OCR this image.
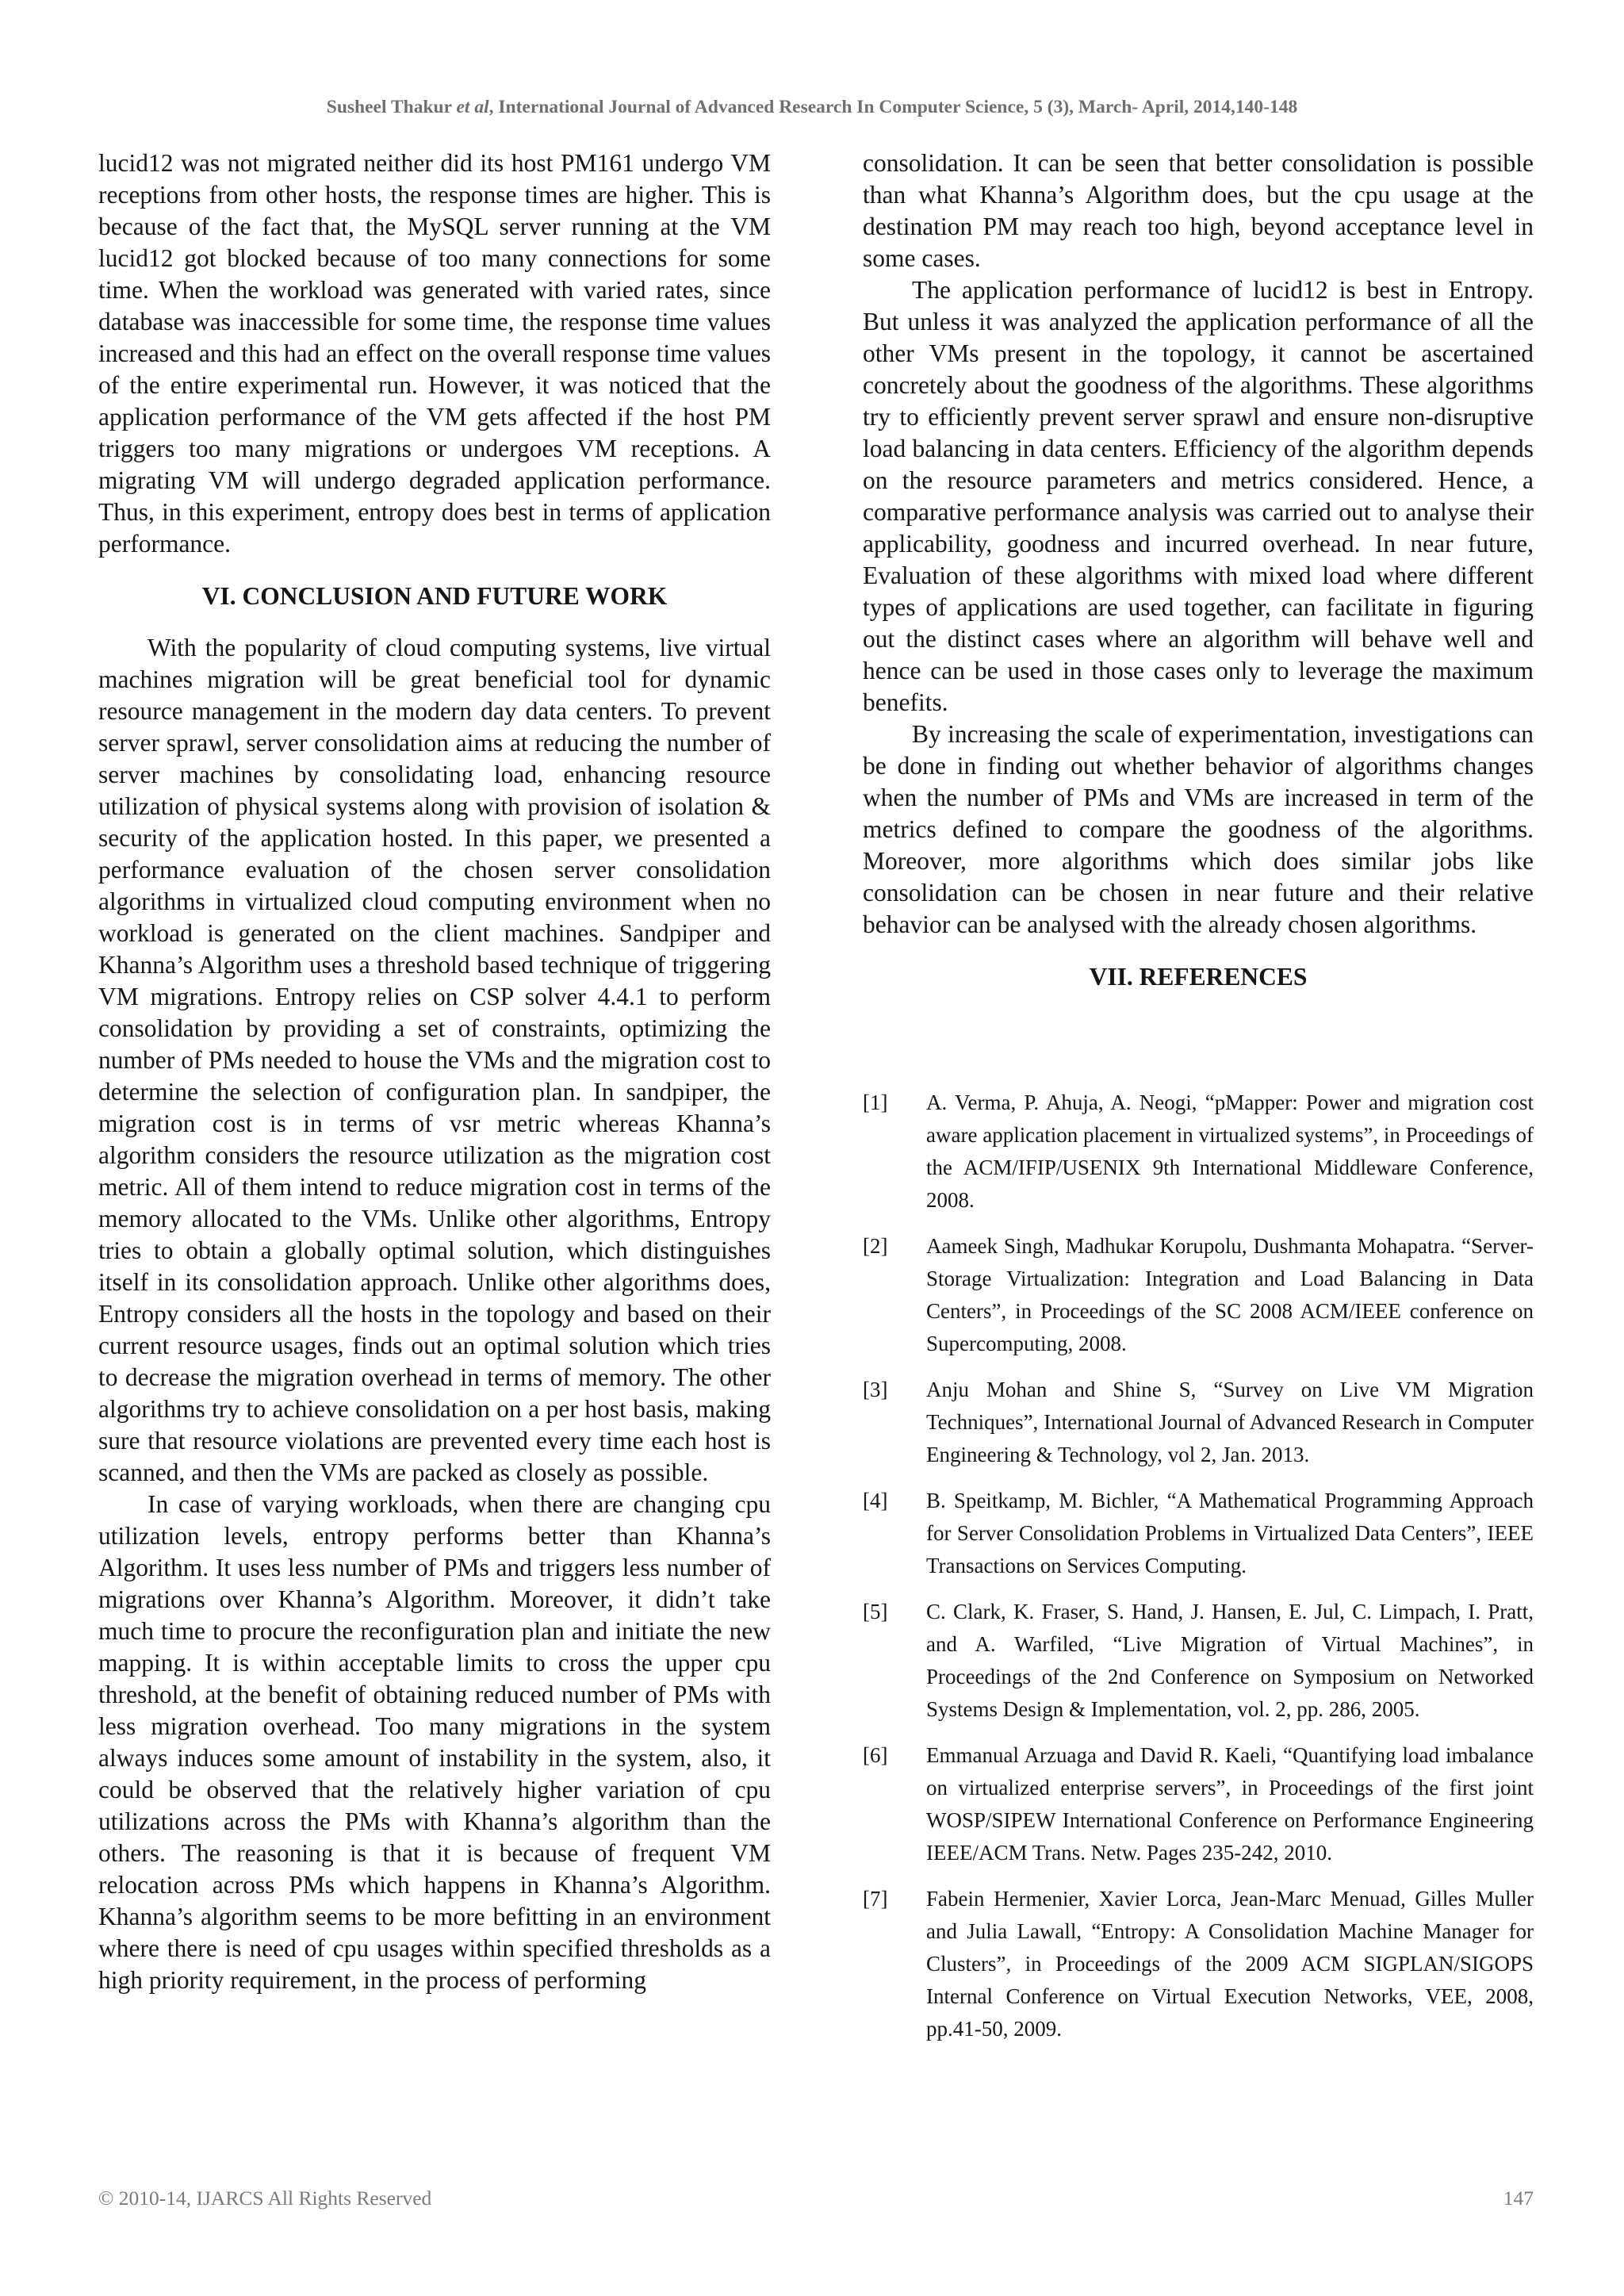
Susheel Thakur et al, International Journal of Advanced Research In Computer Science, 5 (3), March- April, 2014,140-148

lucid12 was not migrated neither did its host PM161 undergo VM receptions from other hosts, the response times are higher. This is because of the fact that, the MySQL server running at the VM lucid12 got blocked because of too many connections for some time. When the workload was generated with varied rates, since database was inaccessible for some time, the response time values increased and this had an effect on the overall response time values of the entire experimental run. However, it was noticed that the application performance of the VM gets affected if the host PM triggers too many migrations or undergoes VM receptions. A migrating VM will undergo degraded application performance. Thus, in this experiment, entropy does best in terms of application performance.

VI. CONCLUSION AND FUTURE WORK

With the popularity of cloud computing systems, live virtual machines migration will be great beneficial tool for dynamic resource management in the modern day data centers. To prevent server sprawl, server consolidation aims at reducing the number of server machines by consolidating load, enhancing resource utilization of physical systems along with provision of isolation & security of the application hosted. In this paper, we presented a performance evaluation of the chosen server consolidation algorithms in virtualized cloud computing environment when no workload is generated on the client machines. Sandpiper and Khanna’s Algorithm uses a threshold based technique of triggering VM migrations. Entropy relies on CSP solver 4.4.1 to perform consolidation by providing a set of constraints, optimizing the number of PMs needed to house the VMs and the migration cost to determine the selection of configuration plan. In sandpiper, the migration cost is in terms of vsr metric whereas Khanna’s algorithm considers the resource utilization as the migration cost metric. All of them intend to reduce migration cost in terms of the memory allocated to the VMs. Unlike other algorithms, Entropy tries to obtain a globally optimal solution, which distinguishes itself in its consolidation approach. Unlike other algorithms does, Entropy considers all the hosts in the topology and based on their current resource usages, finds out an optimal solution which tries to decrease the migration overhead in terms of memory. The other algorithms try to achieve consolidation on a per host basis, making sure that resource violations are prevented every time each host is scanned, and then the VMs are packed as closely as possible.

In case of varying workloads, when there are changing cpu utilization levels, entropy performs better than Khanna’s Algorithm. It uses less number of PMs and triggers less number of migrations over Khanna’s Algorithm. Moreover, it didn’t take much time to procure the reconfiguration plan and initiate the new mapping. It is within acceptable limits to cross the upper cpu threshold, at the benefit of obtaining reduced number of PMs with less migration overhead. Too many migrations in the system always induces some amount of instability in the system, also, it could be observed that the relatively higher variation of cpu utilizations across the PMs with Khanna’s algorithm than the others. The reasoning is that it is because of frequent VM relocation across PMs which happens in Khanna’s Algorithm. Khanna’s algorithm seems to be more befitting in an environment where there is need of cpu usages within specified thresholds as a high priority requirement, in the process of performing

consolidation. It can be seen that better consolidation is possible than what Khanna’s Algorithm does, but the cpu usage at the destination PM may reach too high, beyond acceptance level in some cases.

The application performance of lucid12 is best in Entropy. But unless it was analyzed the application performance of all the other VMs present in the topology, it cannot be ascertained concretely about the goodness of the algorithms. These algorithms try to efficiently prevent server sprawl and ensure non-disruptive load balancing in data centers. Efficiency of the algorithm depends on the resource parameters and metrics considered. Hence, a comparative performance analysis was carried out to analyse their applicability, goodness and incurred overhead. In near future, Evaluation of these algorithms with mixed load where different types of applications are used together, can facilitate in figuring out the distinct cases where an algorithm will behave well and hence can be used in those cases only to leverage the maximum benefits.

By increasing the scale of experimentation, investigations can be done in finding out whether behavior of algorithms changes when the number of PMs and VMs are increased in term of the metrics defined to compare the goodness of the algorithms. Moreover, more algorithms which does similar jobs like consolidation can be chosen in near future and their relative behavior can be analysed with the already chosen algorithms.

VII. REFERENCES
[1]	A. Verma, P. Ahuja, A. Neogi, “pMapper: Power and migration cost aware application placement in virtualized systems”, in Proceedings of the ACM/IFIP/USENIX 9th International Middleware Conference, 2008.
[2]	Aameek Singh, Madhukar Korupolu, Dushmanta Mohapatra. “Server-Storage Virtualization: Integration and Load Balancing in Data Centers”, in Proceedings of the SC 2008 ACM/IEEE conference on Supercomputing, 2008.
[3]	Anju Mohan and Shine S, “Survey on Live VM Migration Techniques”, International Journal of Advanced Research in Computer Engineering & Technology, vol 2, Jan. 2013.
[4]	B. Speitkamp, M. Bichler, “A Mathematical Programming Approach for Server Consolidation Problems in Virtualized Data Centers”, IEEE Transactions on Services Computing.
[5]	C. Clark, K. Fraser, S. Hand, J. Hansen, E. Jul, C. Limpach, I. Pratt, and A. Warfiled, “Live Migration of Virtual Machines”, in Proceedings of the 2nd Conference on Symposium on Networked Systems Design & Implementation, vol. 2, pp. 286, 2005.
[6]	Emmanual Arzuaga and David R. Kaeli, “Quantifying load imbalance on virtualized enterprise servers”, in Proceedings of the first joint WOSP/SIPEW International Conference on Performance Engineering IEEE/ACM Trans. Netw. Pages 235-242, 2010.
[7]	Fabein Hermenier, Xavier Lorca, Jean-Marc Menuad, Gilles Muller and Julia Lawall, “Entropy: A Consolidation Machine Manager for Clusters”, in Proceedings of the 2009 ACM SIGPLAN/SIGOPS Internal Conference on Virtual Execution Networks, VEE, 2008, pp.41-50, 2009.
© 2010-14, IJARCS All Rights Reserved	147
